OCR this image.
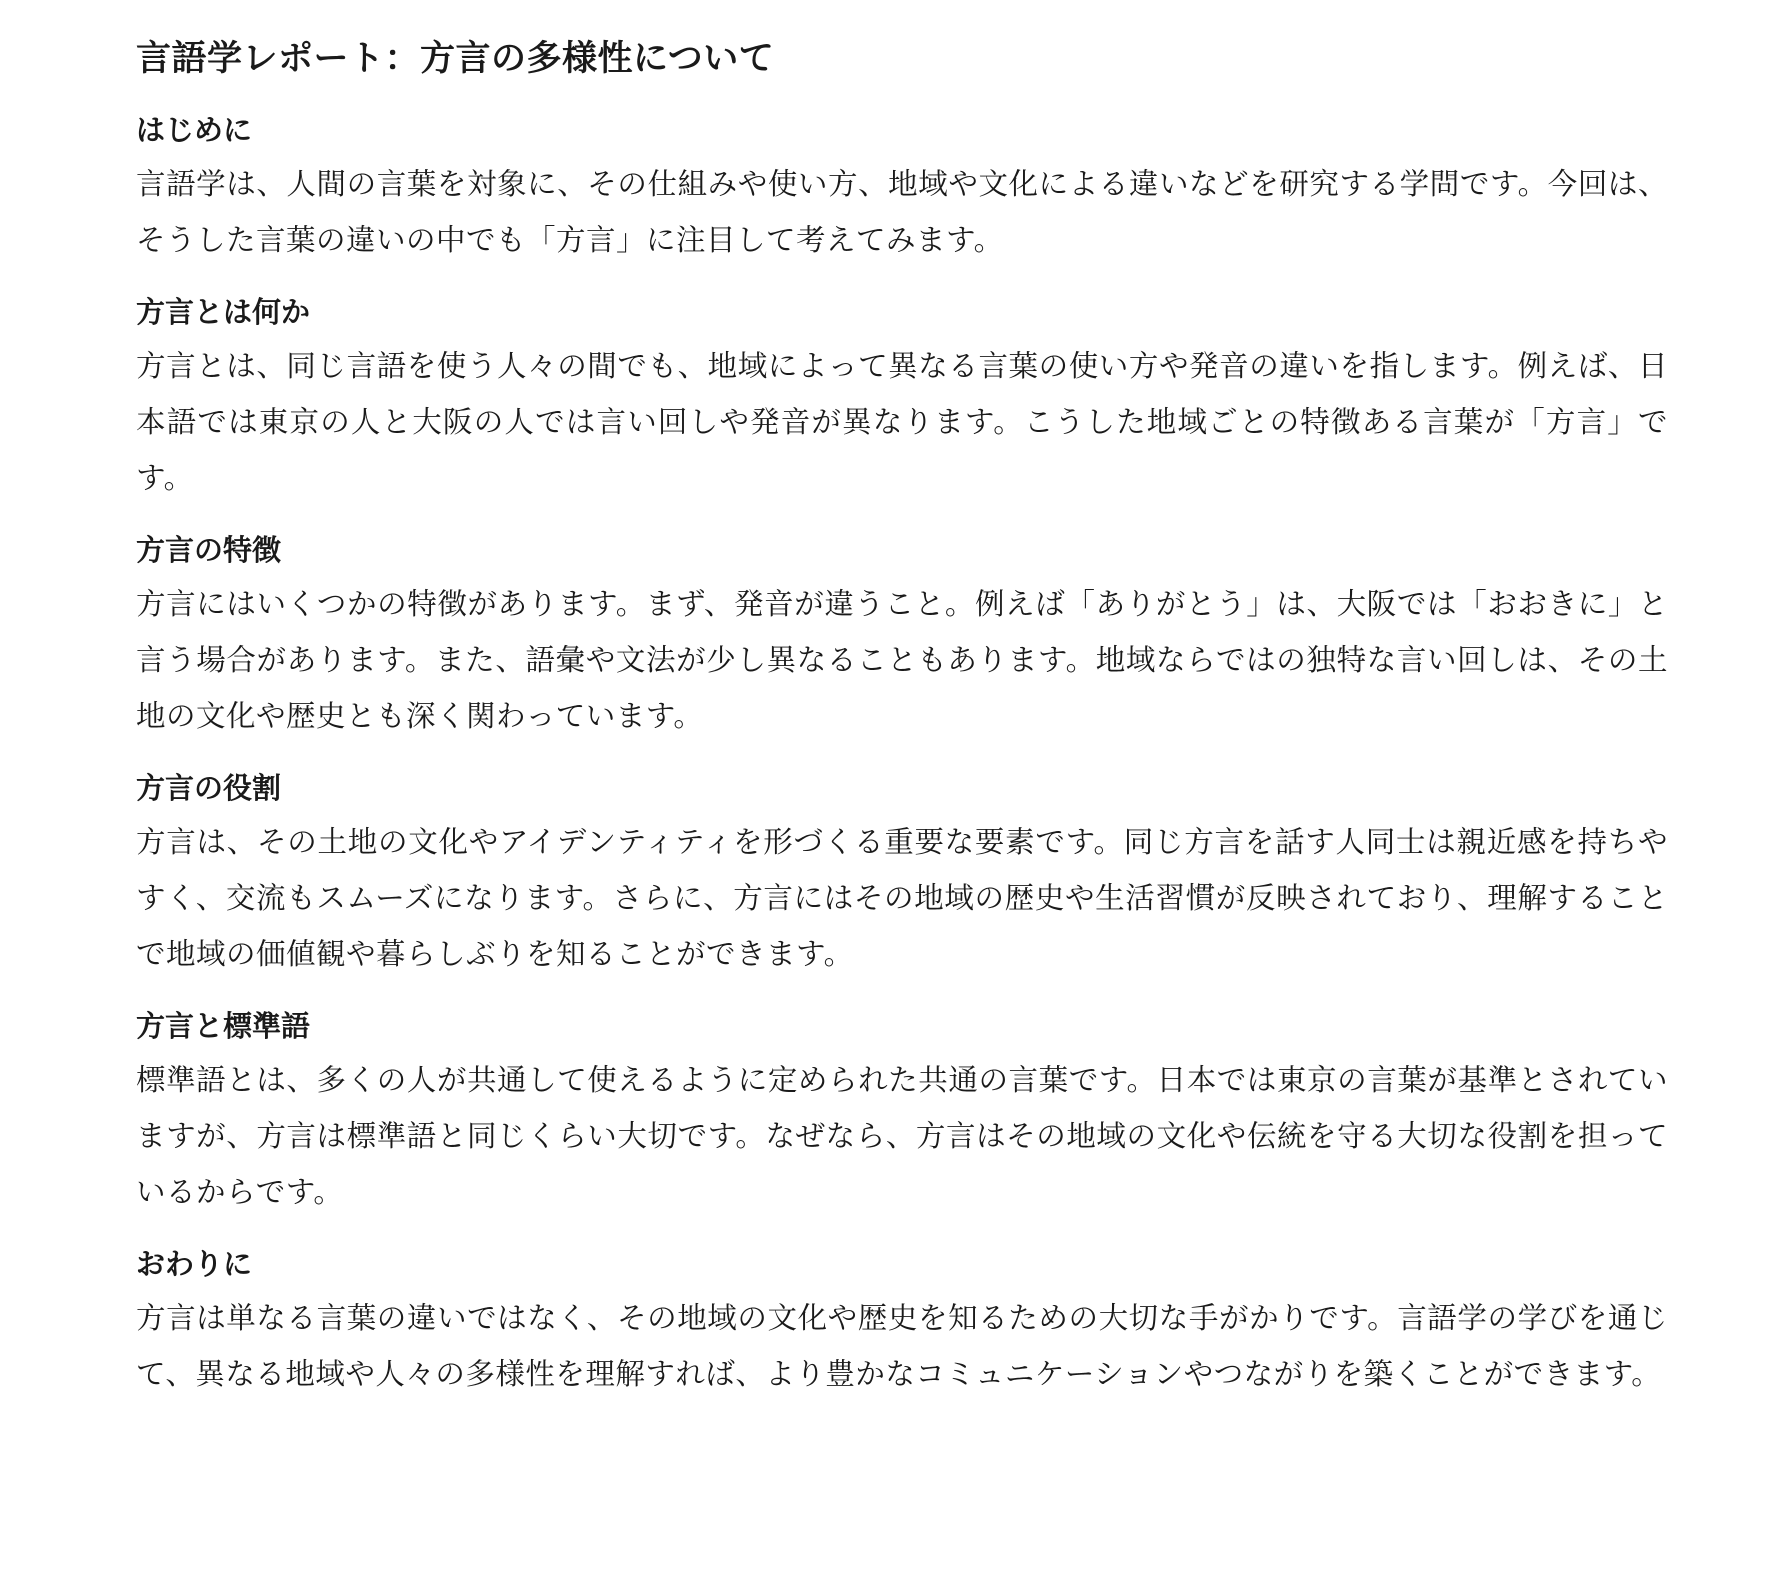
言語学レポート：方言の多様性について
はじめに

言語学は、人間の言葉を対象に、その仕組みや使い方、地域や文化による違いなどを研究する学問です。今回は、そうした言葉の違いの中でも「方言」に注目して考えてみます。

方言とは何か

方言とは、同じ言語を使う人々の間でも、地域によって異なる言葉の使い方や発音の違いを指します。例えば、日本語では東京の人と大阪の人では言い回しや発音が異なります。こうした地域ごとの特徴ある言葉が「方言」です。

方言の特徴

方言にはいくつかの特徴があります。まず、発音が違うこと。例えば「ありがとう」は、大阪では「おおきに」と言う場合があります。また、語彙や文法が少し異なることもあります。地域ならではの独特な言い回しは、その土地の文化や歴史とも深く関わっています。

方言の役割

方言は、その土地の文化やアイデンティティを形づくる重要な要素です。同じ方言を話す人同士は親近感を持ちやすく、交流もスムーズになります。さらに、方言にはその地域の歴史や生活習慣が反映されており、理解することで地域の価値観や暮らしぶりを知ることができます。

方言と標準語

標準語とは、多くの人が共通して使えるように定められた共通の言葉です。日本では東京の言葉が基準とされていますが、方言は標準語と同じくらい大切です。なぜなら、方言はその地域の文化や伝統を守る大切な役割を担っているからです。

おわりに

方言は単なる言葉の違いではなく、その地域の文化や歴史を知るための大切な手がかりです。言語学の学びを通じて、異なる地域や人々の多様性を理解すれば、より豊かなコミュニケーションやつながりを築くことができます。
